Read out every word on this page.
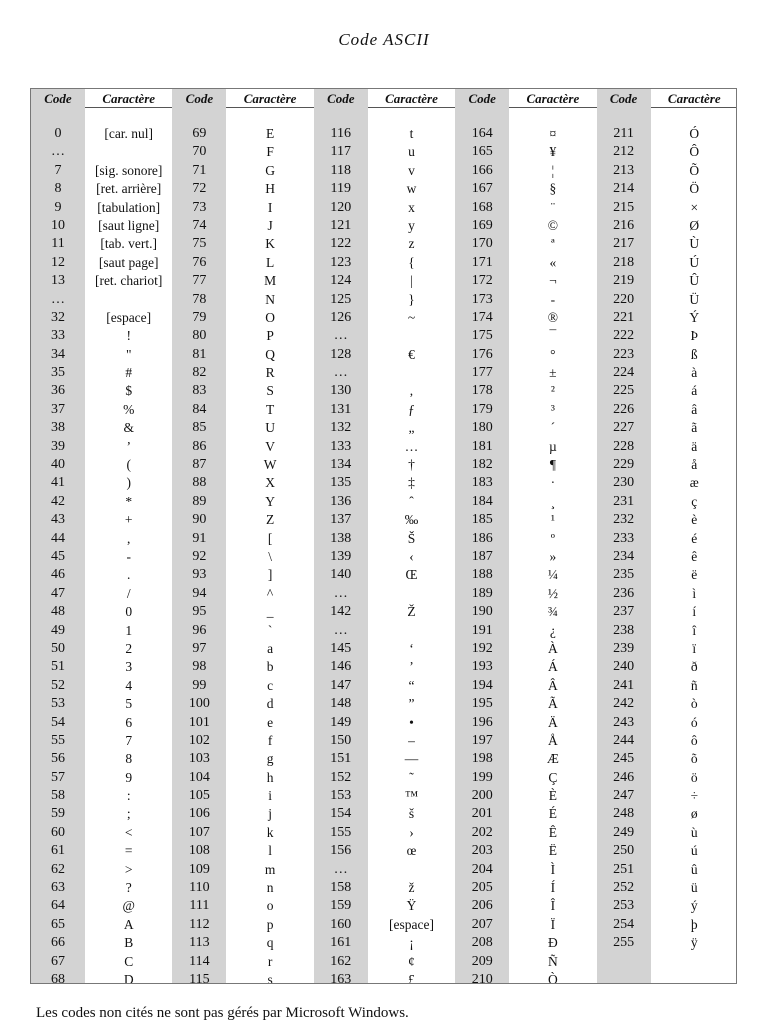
Code ASCII
Code
0
…
7
8
9
10
11
12
13
…
32
33
34
35
36
37
38
39
40
41
42
43
44
45
46
47
48
49
50
51
52
53
54
55
56
57
58
59
60
61
62
63
64
65
66
67
68
Caractère
[car. nul]
[sig. sonore]
[ret. arrière]
[tabulation]
[saut ligne]
[tab. vert.]
[saut page]
[ret. chariot]
[espace]
!
"
#
$
%
&
’
(
)
*
+
,
-
.
/
0
1
2
3
4
5
6
7
8
9
:
;
<
=
>
?
@
A
B
C
D
Code
69
70
71
72
73
74
75
76
77
78
79
80
81
82
83
84
85
86
87
88
89
90
91
92
93
94
95
96
97
98
99
100
101
102
103
104
105
106
107
108
109
110
111
112
113
114
115
Caractère
E
F
G
H
I
J
K
L
M
N
O
P
Q
R
S
T
U
V
W
X
Y
Z
[
\
]
^
_
`
a
b
c
d
e
f
g
h
i
j
k
l
m
n
o
p
q
r
s
Code
116
117
118
119
120
121
122
123
124
125
126
…
128
…
130
131
132
133
134
135
136
137
138
139
140
…
142
…
145
146
147
148
149
150
151
152
153
154
155
156
…
158
159
160
161
162
163
Caractère
t
u
v
w
x
y
z
{
|
}
~
€
,
ƒ
„
…
†
‡
ˆ
‰
Š
‹
Œ
Ž
‘
’
“
”
•
–
—
˜
™
š
›
œ
ž
Ÿ
[espace]
¡
¢
£
Code
164
165
166
167
168
169
170
171
172
173
174
175
176
177
178
179
180
181
182
183
184
185
186
187
188
189
190
191
192
193
194
195
196
197
198
199
200
201
202
203
204
205
206
207
208
209
210
Caractère
¤
¥
¦
§
¨
©
ª
«
¬
-
®
¯
°
±
²
³
´
µ
¶
·
¸
¹
º
»
¼
½
¾
¿
À
Á
Â
Ã
Ä
Å
Æ
Ç
È
É
Ê
Ë
Ì
Í
Î
Ï
Ð
Ñ
Ò
Code
211
212
213
214
215
216
217
218
219
220
221
222
223
224
225
226
227
228
229
230
231
232
233
234
235
236
237
238
239
240
241
242
243
244
245
246
247
248
249
250
251
252
253
254
255
Caractère
Ó
Ô
Õ
Ö
×
Ø
Ù
Ú
Û
Ü
Ý
Þ
ß
à
á
â
ã
ä
å
æ
ç
è
é
ê
ë
ì
í
î
ï
ð
ñ
ò
ó
ô
õ
ö
÷
ø
ù
ú
û
ü
ý
þ
ÿ
Les codes non cités ne sont pas gérés par Microsoft Windows.
